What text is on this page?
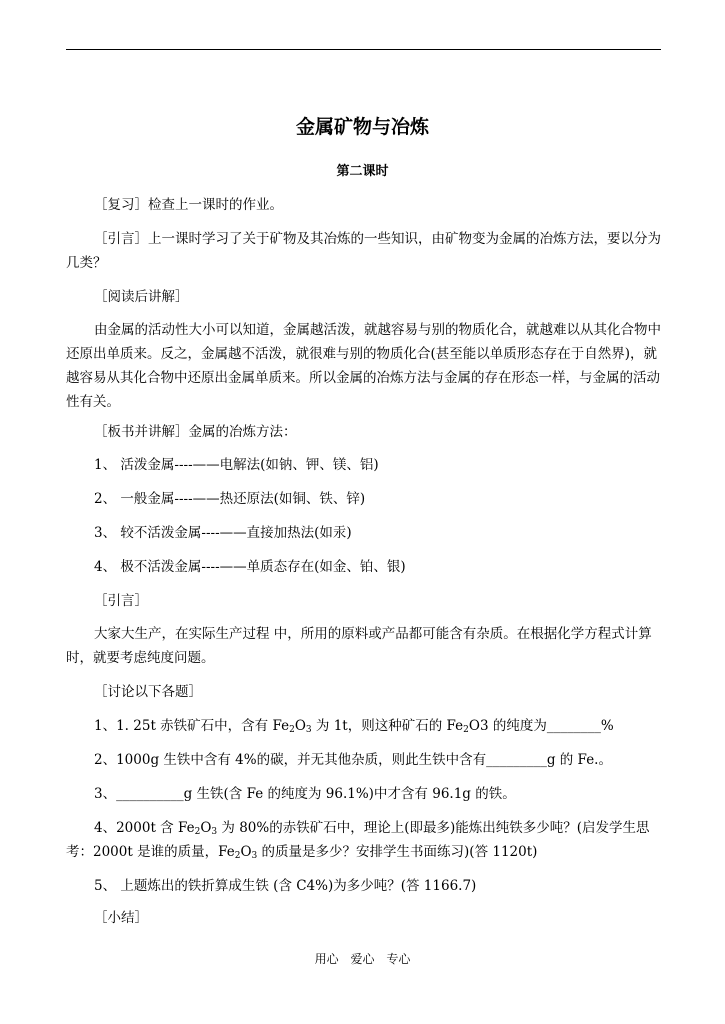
金属矿物与冶炼
第二课时
［复习］检查上一课时的作业。
［引言］上一课时学习了关于矿物及其冶炼的一些知识，由矿物变为金属的冶炼方法，要以分为几类？
［阅读后讲解］
由金属的活动性大小可以知道，金属越活泼，就越容易与别的物质化合，就越难以从其化合物中还原出单质来。反之，金属越不活泼，就很难与别的物质化合(甚至能以单质形态存在于自然界)，就越容易从其化合物中还原出金属单质来。所以金属的冶炼方法与金属的存在形态一样，与金属的活动性有关。
［板书并讲解］金属的冶炼方法：
1、 活泼金属----——电解法(如钠、钾、镁、铝)
2、 一般金属----——热还原法(如铜、铁、锌)
3、 较不活泼金属----——直接加热法(如汞)
4、 极不活泼金属----——单质态存在(如金、铂、银)
［引言］
大家大生产，在实际生产过程 中，所用的原料或产品都可能含有杂质。在根据化学方程式计算时，就要考虑纯度问题。
［讨论以下各题］
1、1. 25t 赤铁矿石中，含有 $Fe_2O_3$ 为 1t，则这种矿石的 $Fe_2O3$ 的纯度为________%
2、1000g 生铁中含有 4%的碳，并无其他杂质，则此生铁中含有_________g 的 Fe.。
3、__________g 生铁(含 Fe 的纯度为 96.1%)中才含有 96.1g 的铁。
4、2000t 含 $Fe_2O_3$ 为 80%的赤铁矿石中，理论上(即最多)能炼出纯铁多少吨？(启发学生思考：2000t 是谁的质量，$Fe_2O_3$ 的质量是多少？安排学生书面练习)(答 1120t)
5、 上题炼出的铁折算成生铁 (含 C4%)为多少吨？(答 1166.7)
［小结］
用心 爱心 专心
